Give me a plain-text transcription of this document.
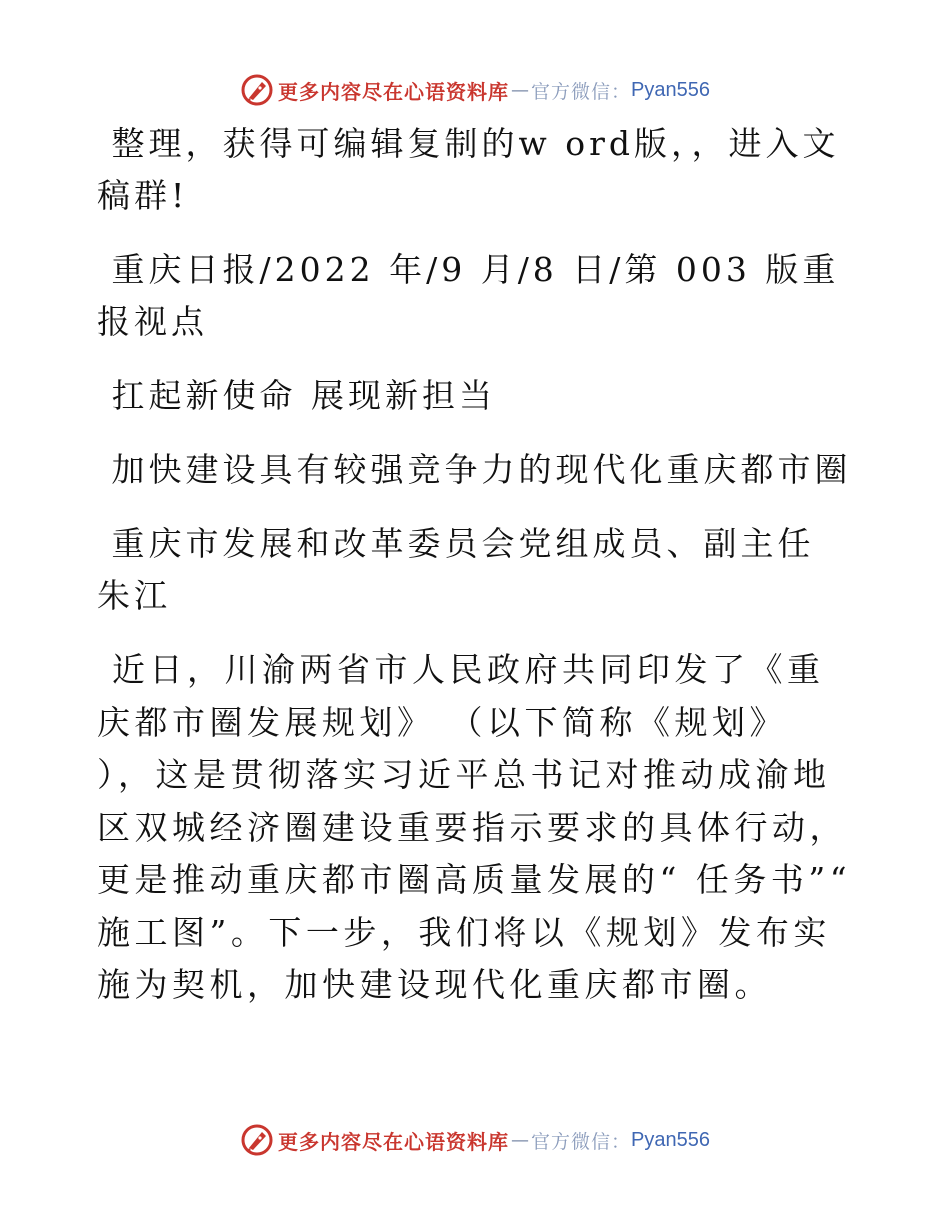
更多内容尽在心语资料库 — 官方微信： Pyan556

整理，获得可编辑复制的w ord版，，进入文稿群!

重庆日报/2022 年/9 月/8 日/第 003 版重报视点

扛起新使命 展现新担当

加快建设具有较强竞争力的现代化重庆都市圈

重庆市发展和改革委员会党组成员、副主任   朱江

近日，川渝两省市人民政府共同印发了《重庆都市圈发展规划》 （以下简称《规划》 ），这是贯彻落实习近平总书记对推动成渝地区双城经济圈建设重要指示要求的具体行动，更是推动重庆都市圈高质量发展的“ 任务书”“ 施工图”。下一步，我们将以《规划》发布实施为契机，加快建设现代化重庆都市圈。

更多内容尽在心语资料库 — 官方微信： Pyan556
